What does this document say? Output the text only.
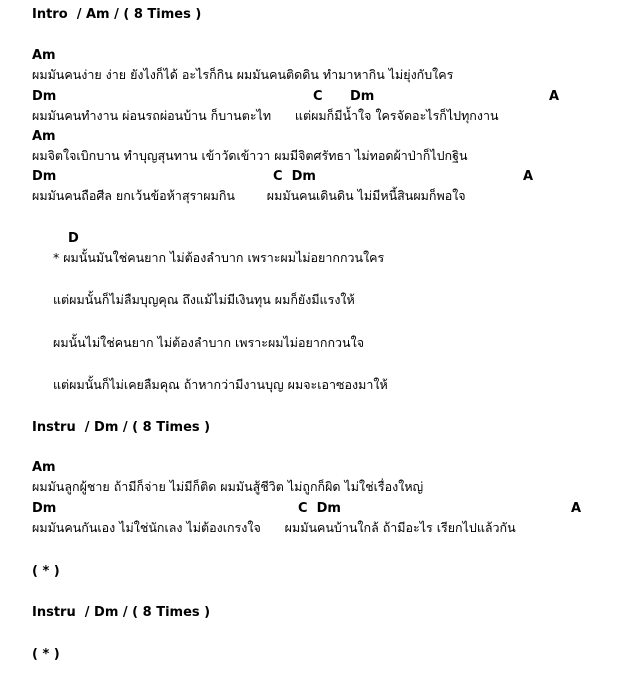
Intro  / Am / ( 8 Times )
Am
ผมมันคนง่าย ง่าย ยังไงก็ได้ อะไรก็กิน ผมมันคนติดดิน ทำมาหากิน ไม่ยุ่งกับใคร
Dm	C Dm	A
ผมมันคนทำงาน ผ่อนรถผ่อนบ้าน ก็บานตะไท      แต่ผมก็มีน้ำใจ ใครจัดอะไรก็ไปทุกงาน
Am
ผมจิตใจเบิกบาน ทำบุญสุนทาน เข้าวัดเข้าวา ผมมีจิตศรัทธา ไม่ทอดผ้าป่าก็ไปกฐิน
Dm	C  Dm	A
ผมมันคนถือศีล ยกเว้นข้อห้าสุราผมกิน        ผมมันคนเดินดิน ไม่มีหนี้สินผมก็พอใจ
D
* ผมนั้นมันใช่คนยาก ไม่ต้องลำบาก เพราะผมไม่อยากกวนใคร
แต่ผมนั้นก็ไม่ลืมบุญคุณ ถึงแม้ไม่มีเงินทุน ผมก็ยังมีแรงให้
ผมนั้นไม่ใช่คนยาก ไม่ต้องลำบาก เพราะผมไม่อยากกวนใจ
แต่ผมนั้นก็ไม่เคยลืมคุณ ถ้าหากว่ามีงานบุญ ผมจะเอาซองมาให้
Instru  / Dm / ( 8 Times )
Am
ผมมันลูกผู้ชาย ถ้ามีก็จ่าย ไม่มีก็ติด ผมมันสู้ชีวิต ไม่ถูกก็ผิด ไม่ใช่เรื่องใหญ่
Dm	C  Dm	A
ผมมันคนกันเอง ไม่ใช่นักเลง ไม่ต้องเกรงใจ      ผมมันคนบ้านใกล้ ถ้ามีอะไร เรียกไปแล้วกัน
( * )
Instru  / Dm / ( 8 Times )
( * )
